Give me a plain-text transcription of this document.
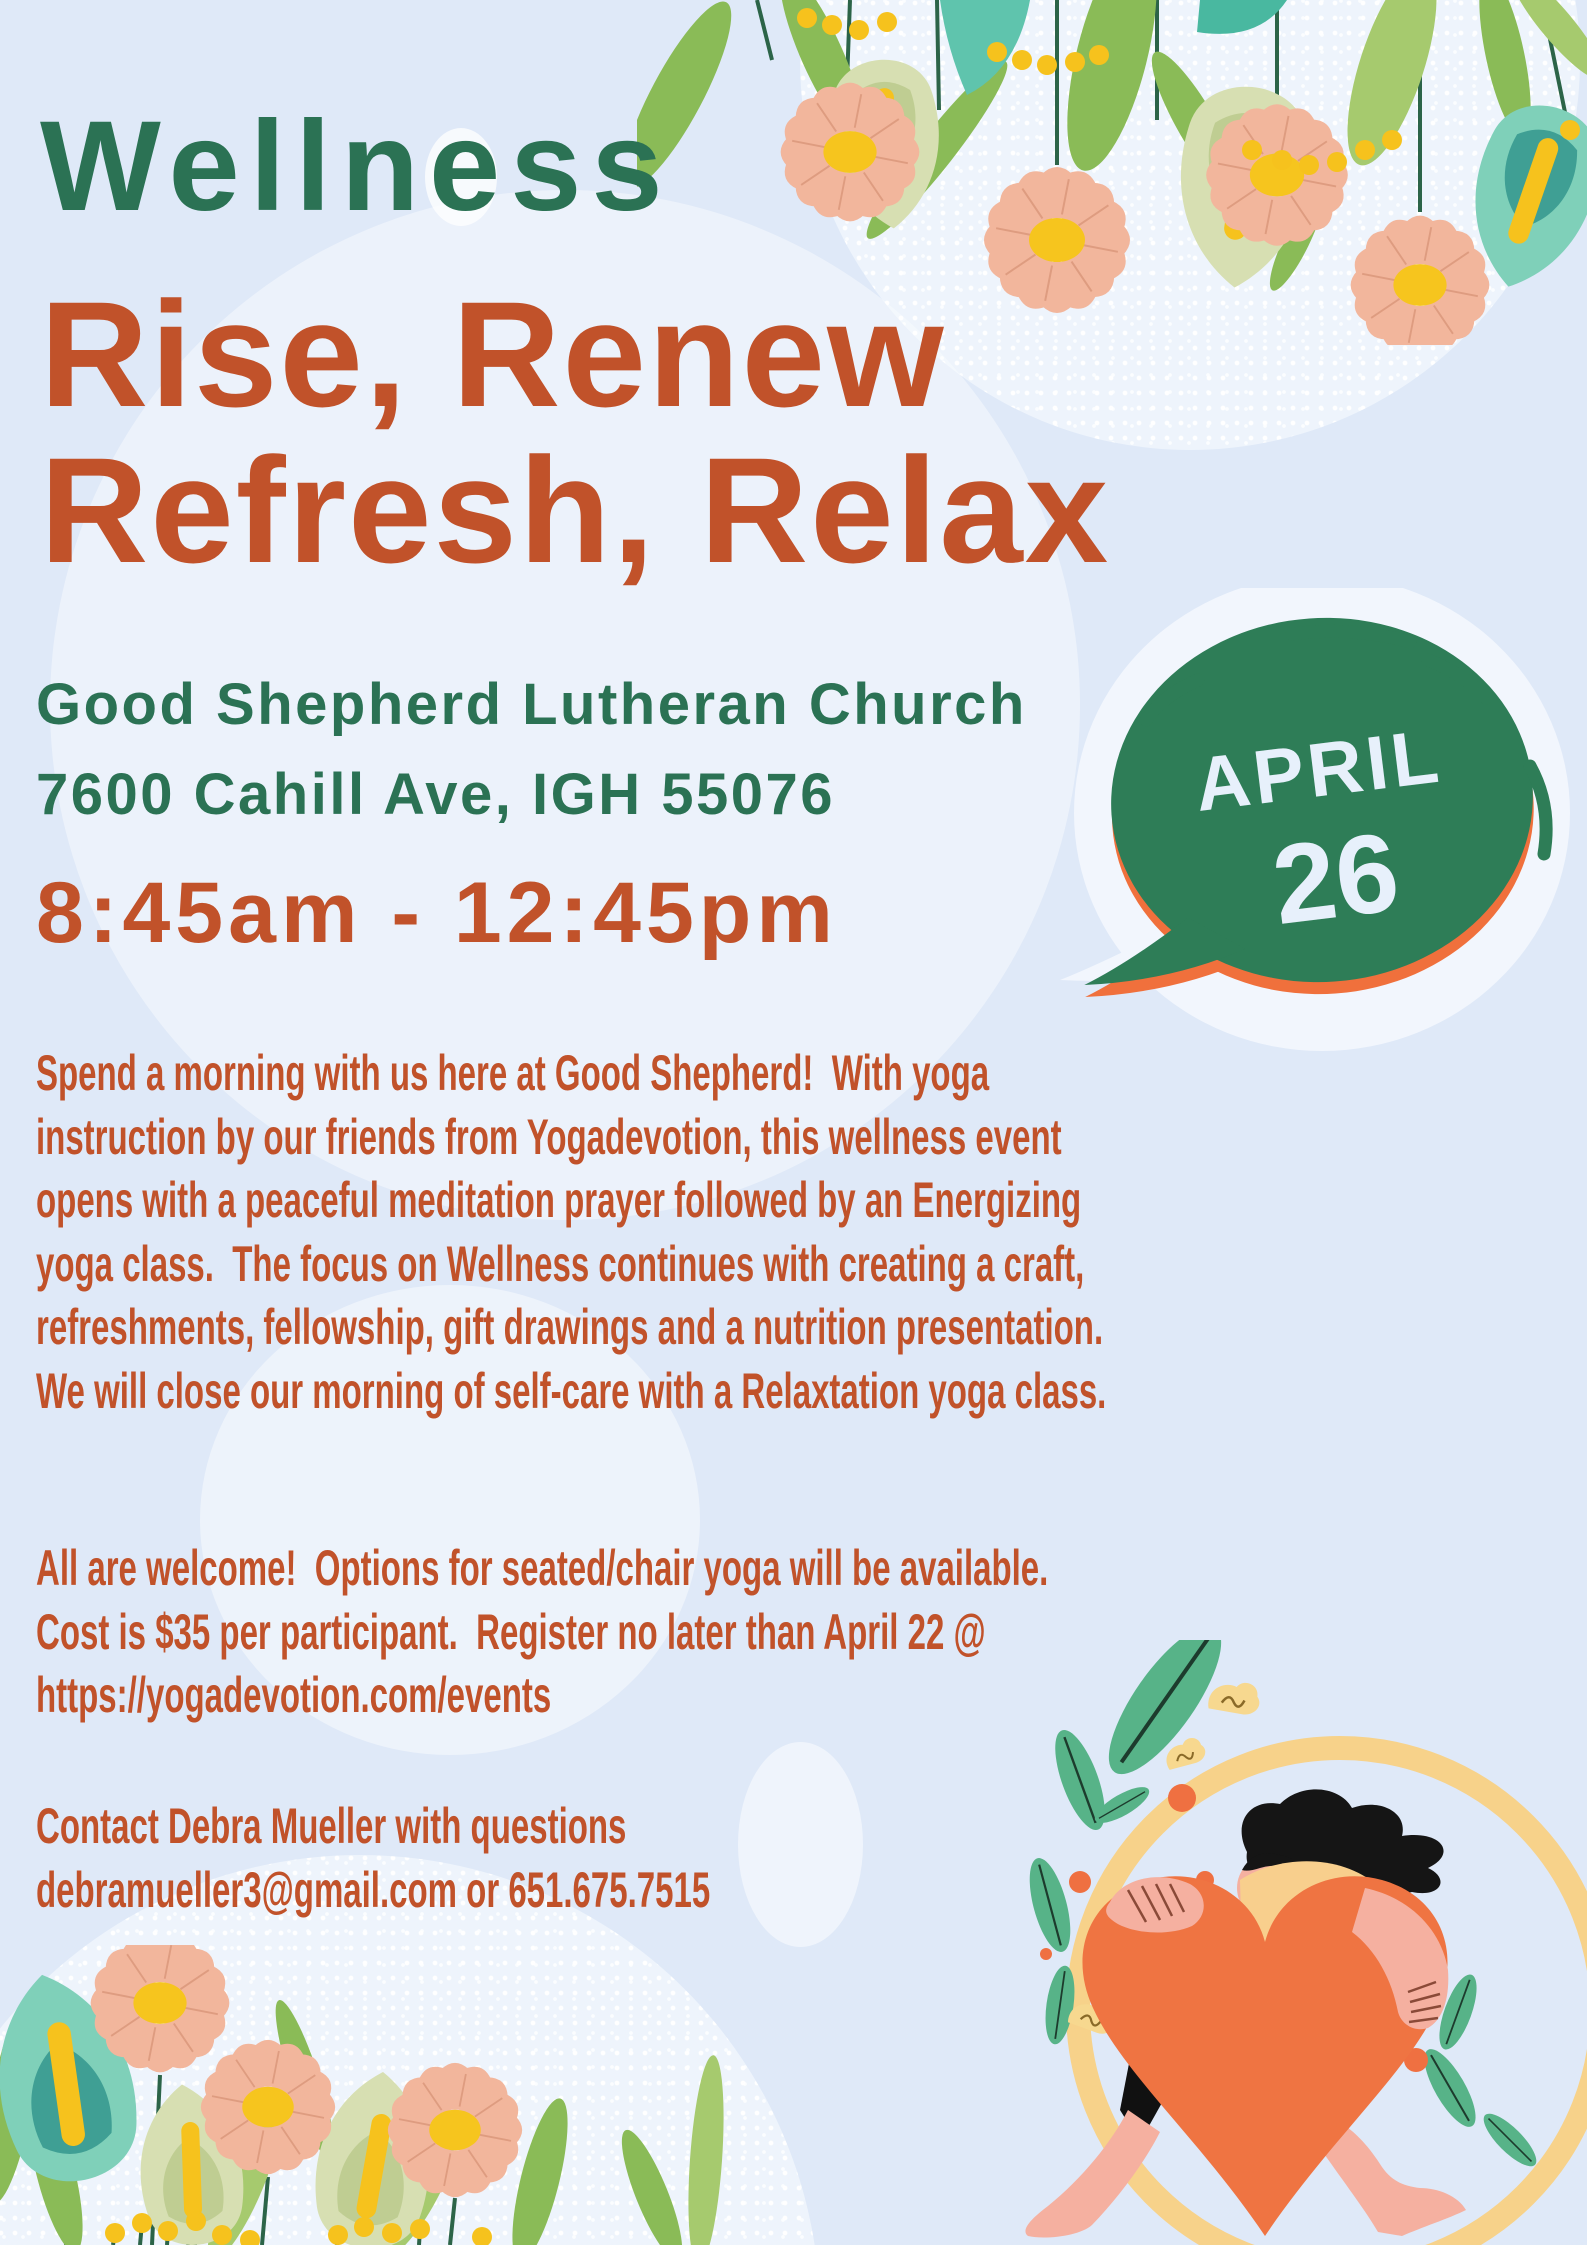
Wellness
Rise, Renew
Refresh, Relax
Good Shepherd Lutheran Church
7600 Cahill Ave, IGH 55076
8:45am - 12:45pm
APRIL
26
Spend a morning with us here at Good Shepherd!  With yoga
instruction by our friends from Yogadevotion, this wellness event
opens with a peaceful meditation prayer followed by an Energizing
yoga class.  The focus on Wellness continues with creating a craft,
refreshments, fellowship, gift drawings and a nutrition presentation.
We will close our morning of self-care with a Relaxtation yoga class.
All are welcome!  Options for seated/chair yoga will be available.
Cost is $35 per participant.  Register no later than April 22 @
https://yogadevotion.com/events
Contact Debra Mueller with questions
debramueller3@gmail.com or 651.675.7515
